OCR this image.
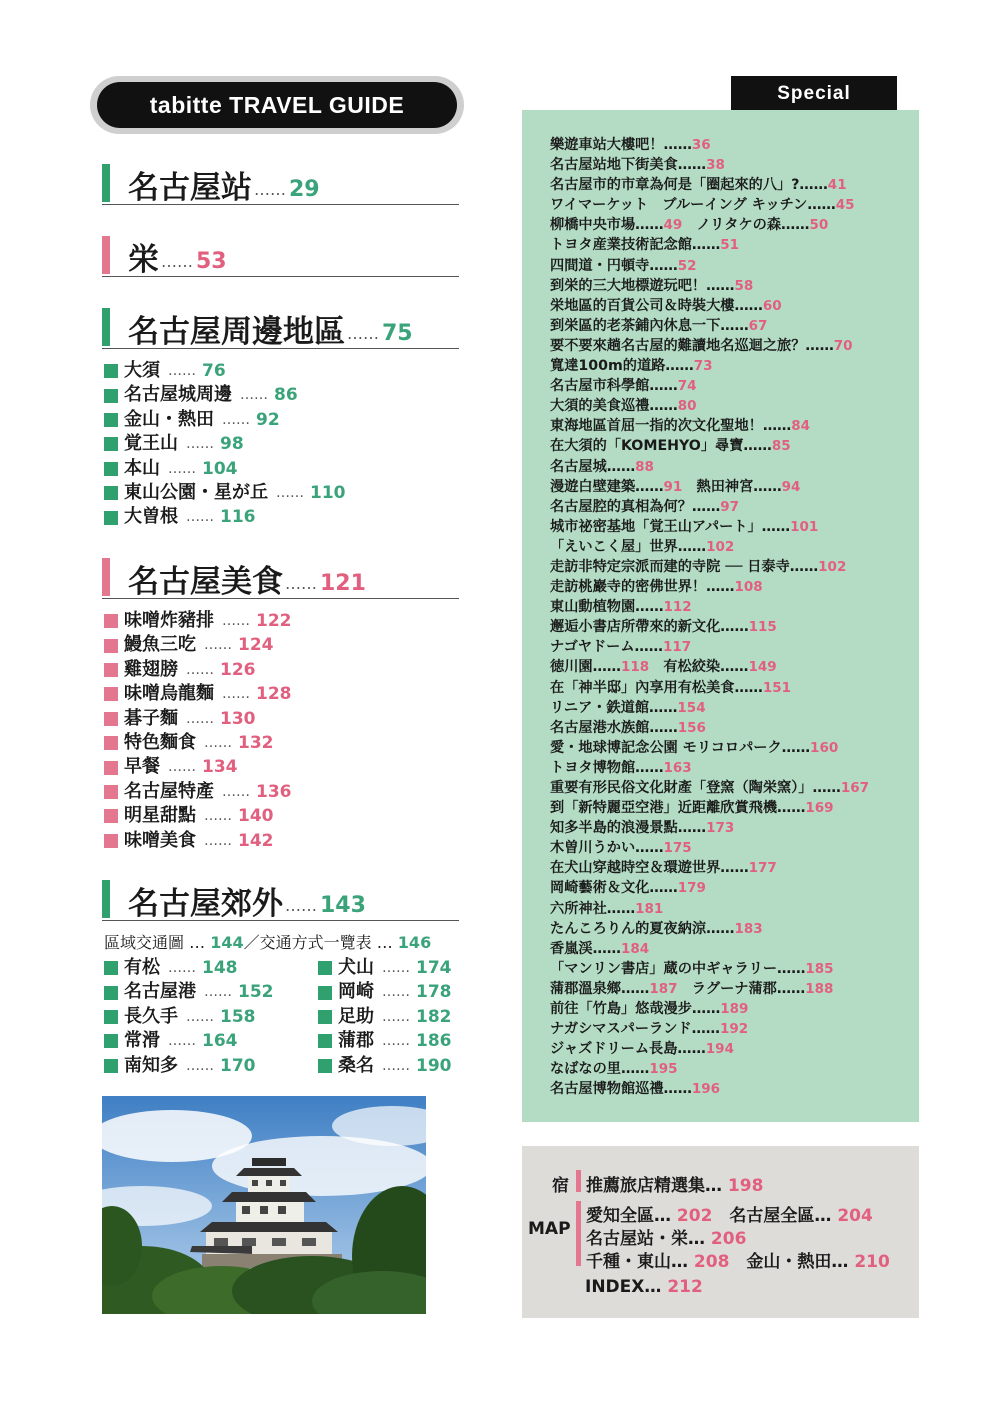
tabitte TRAVEL GUIDE
名古屋站 …… 29
栄 …… 53
名古屋周邊地區 …… 75
大須 …… 76
名古屋城周邊 …… 86
金山・熱田 …… 92
覚王山 …… 98
本山 …… 104
東山公園・星が丘 …… 110
大曽根 …… 116
名古屋美食 …… 121
味噌炸豬排 …… 122
鰻魚三吃 …… 124
雞翅膀 …… 126
味噌烏龍麵 …… 128
碁子麵 …… 130
特色麵食 …… 132
早餐 …… 134
名古屋特產 …… 136
明星甜點 …… 140
味噌美食 …… 142
名古屋郊外 …… 143
區域交通圖 … 144／交通方式一覽表 … 146
有松 …… 148
名古屋港 …… 152
長久手 …… 158
常滑 …… 164
南知多 …… 170
犬山 …… 174
岡崎 …… 178
足助 …… 182
蒲郡 …… 186
桑名 …… 190
Special
樂遊車站大樓吧！……36
名古屋站地下街美食……38
名古屋市的市章為何是「圈起來的八」?……41
ワイマーケット　ブルーイング キッチン……45
柳橋中央市場……49　ノリタケの森……50
トヨタ産業技術記念館……51
四間道・円頓寺……52
到栄的三大地標遊玩吧！……58
栄地區的百貨公司＆時裝大樓……60
到栄區的老茶鋪內休息一下……67
要不要來趟名古屋的難讀地名巡迴之旅？……70
寬達100m的道路……73
名古屋市科學館……74
大須的美食巡禮……80
東海地區首屈一指的次文化聖地！……84
在大須的「KOMEHYO」尋寶……85
名古屋城……88
漫遊白壁建築……91　熱田神宮……94
名古屋腔的真相為何？……97
城市祕密基地「覚王山アパート」……101
「えいこく屋」世界……102
走訪非特定宗派而建的寺院 ── 日泰寺……102
走訪桃巖寺的密佛世界！……108
東山動植物園……112
邂逅小書店所帶來的新文化……115
ナゴヤドーム……117
徳川園……118　有松絞染……149
在「神半邸」內享用有松美食……151
リニア・鉄道館……154
名古屋港水族館……156
愛・地球博記念公園 モリコロパーク……160
トヨタ博物館……163
重要有形民俗文化財產「登窯（陶栄窯）」……167
到「新特麗亞空港」近距離欣賞飛機……169
知多半島的浪漫景點……173
木曽川うかい……175
在犬山穿越時空＆環遊世界……177
岡崎藝術＆文化……179
六所神社……181
たんころりん的夏夜納涼……183
香嵐渓……184
「マンリン書店」蔵の中ギャラリー……185
蒲郡溫泉鄉……187　ラグーナ蒲郡……188
前往「竹島」悠哉漫步……189
ナガシマスパーランド……192
ジャズドリーム長島……194
なばなの里……195
名古屋博物館巡禮……196
宿 推薦旅店精選集… 198
MAP
愛知全區… 202　 名古屋全區… 204
名古屋站・栄… 206
千種・東山… 208　 金山・熱田… 210
INDEX… 212
